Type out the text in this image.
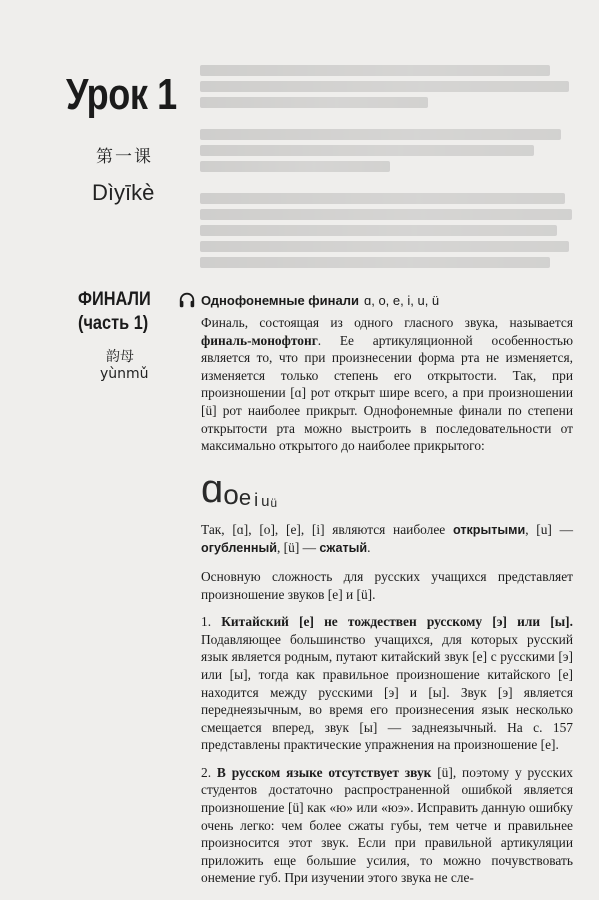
Урок 1
第一课
Dìyīkè
ФИНАЛИ
(часть 1)
韵母
yùnmǔ
Однофонемные финали ɑ, o, e, i, u, ü

Финаль, состоящая из одного гласного звука, называется финаль-монофтонг. Ее артикуляционной особенностью является то, что при произнесении форма рта не изменяется, изменяется только степень его открытости. Так, при произношении [ɑ] рот открыт шире всего, а при произношении [ü] рот наиболее прикрыт. Однофонемные финали по степени открытости рта можно выстроить в последовательности от максимально открытого до наиболее прикрытого:

ɑ o e i u ü

Так, [ɑ], [o], [e], [i] являются наиболее открытыми, [u] — огубленный, [ü] — сжатый.

Основную сложность для русских учащихся представляет произношение звуков [e] и [ü].

1. Китайский [e] не тождествен русскому [э] или [ы]. Подавляющее большинство учащихся, для которых русский язык является родным, путают китайский звук [e] с русскими [э] или [ы], тогда как правильное произношение китайского [e] находится между русскими [э] и [ы]. Звук [э] является переднеязычным, во время его произнесения язык несколько смещается вперед, звук [ы] — заднеязычный. На с. 157 представлены практические упражнения на произношение [e].

2. В русском языке отсутствует звук [ü], поэтому у русских студентов достаточно распространенной ошибкой является произношение [ü] как «ю» или «юэ». Исправить данную ошибку очень легко: чем более сжаты губы, тем четче и правильнее произносится этот звук. Если при правильной артикуляции приложить еще большие усилия, то можно почувствовать онемение губ. При изучении этого звука не сле-
